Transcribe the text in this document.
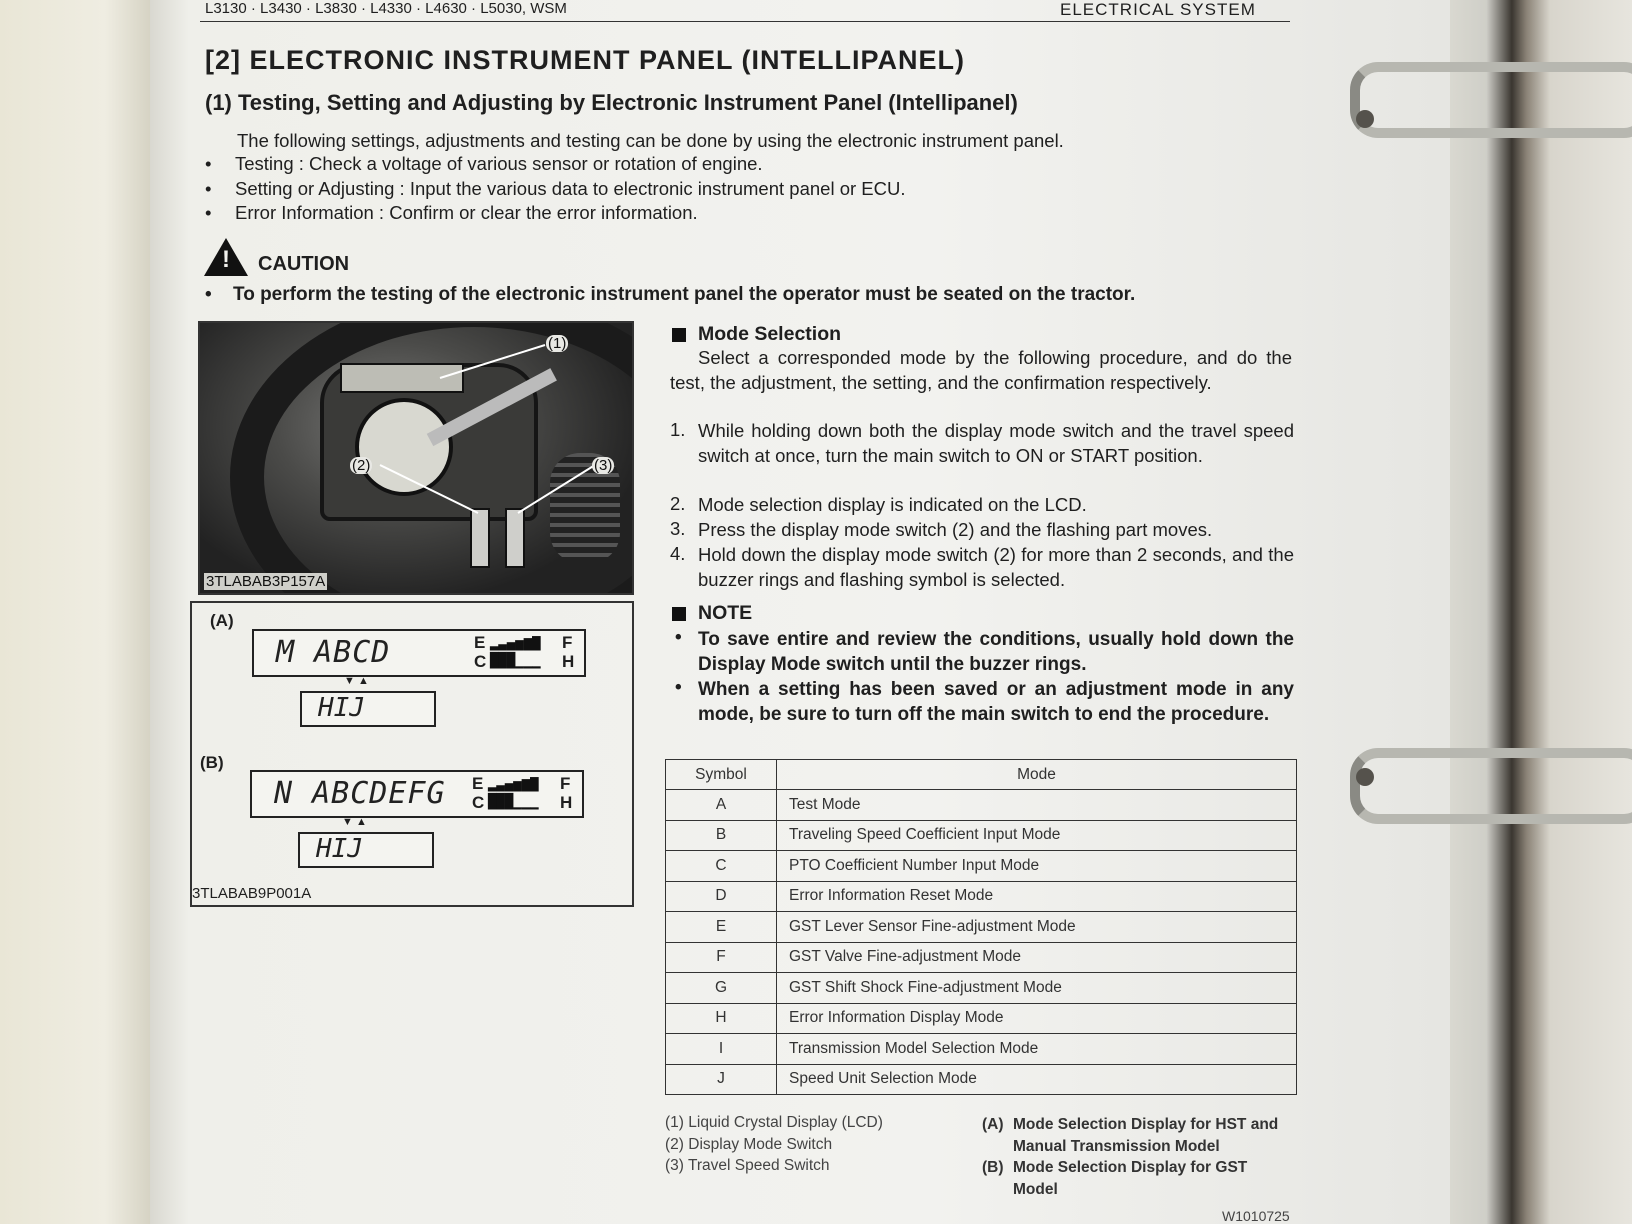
L3130 · L3430 · L3830 · L4330 · L4630 · L5030, WSM	ELECTRICAL SYSTEM
[2] ELECTRONIC INSTRUMENT PANEL (INTELLIPANEL)
(1) Testing, Setting and Adjusting by Electronic Instrument Panel (Intellipanel)
The following settings, adjustments and testing can be done by using the electronic instrument panel.
• Testing : Check a voltage of various sensor or rotation of engine.
• Setting or Adjusting : Input the various data to electronic instrument panel or ECU.
• Error Information : Confirm or clear the error information.
! CAUTION
• To perform the testing of the electronic instrument panel the operator must be seated on the tractor.
(1)
(2)	(3)
3TLABAB3P157A
(A)
M ABCD	E
C
▂▃▄▅▆▇
███▁▁▁
F
H
▼ ▲
HIJ
(B)
N ABCDEFG E
C
▂▃▄▅▆▇
███▁▁▁
F
H
▼ ▲
HIJ
3TLABAB9P001A
Mode Selection
Select a corresponded mode by the following procedure, and do the test, the adjustment, the setting, and the confirmation respectively.
1. While holding down both the display mode switch and the travel speed switch at once, turn the main switch to ON or START position.
2. Mode selection display is indicated on the LCD.
3. Press the display mode switch (2) and the flashing part moves.
4. Hold down the display mode switch (2) for more than 2 seconds, and the buzzer rings and flashing symbol is selected.
NOTE
• To save entire and review the conditions, usually hold down the Display Mode switch until the buzzer rings.
• When a setting has been saved or an adjustment mode in any mode, be sure to turn off the main switch to end the procedure.
Symbol	Mode
A	Test Mode
B	Traveling Speed Coefficient Input Mode
C	PTO Coefficient Number Input Mode
D	Error Information Reset Mode
E	GST Lever Sensor Fine-adjustment Mode
F	GST Valve Fine-adjustment Mode
G	GST Shift Shock Fine-adjustment Mode
H	Error Information Display Mode
I	Transmission Model Selection Mode
J	Speed Unit Selection Mode
(1) Liquid Crystal Display (LCD)
(2) Display Mode Switch
(3) Travel Speed Switch
(A) Mode Selection Display for HST and Manual Transmission Model
(B) Mode Selection Display for GST Model
W1010725
